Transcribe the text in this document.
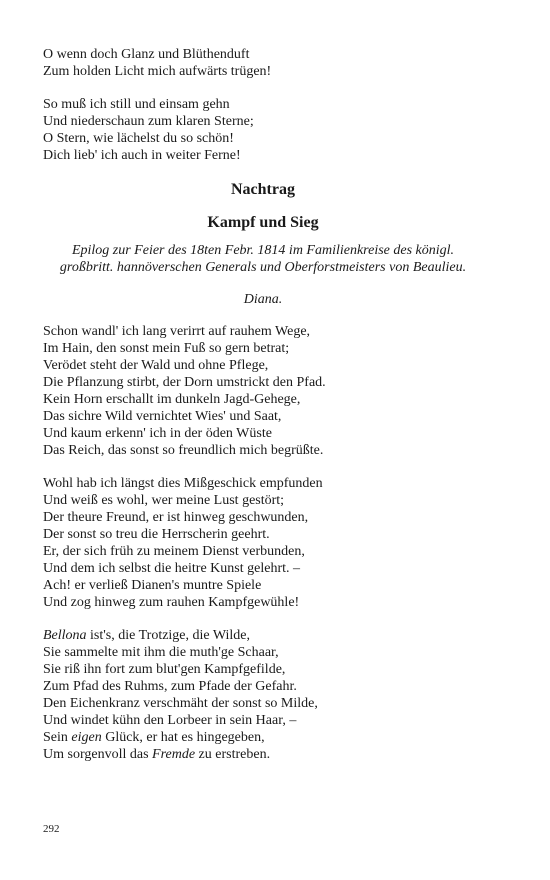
O wenn doch Glanz und Blüthenduft
Zum holden Licht mich aufwärts trügen!
So muß ich still und einsam gehn
Und niederschaun zum klaren Sterne;
O Stern, wie lächelst du so schön!
Dich lieb' ich auch in weiter Ferne!
Nachtrag
Kampf und Sieg
Epilog zur Feier des 18ten Febr. 1814 im Familienkreise des königl.
großbritt. hannöverschen Generals und Oberforstmeisters von Beaulieu.
Diana.
Schon wandl' ich lang verirrt auf rauhem Wege,
Im Hain, den sonst mein Fuß so gern betrat;
Verödet steht der Wald und ohne Pflege,
Die Pflanzung stirbt, der Dorn umstrickt den Pfad.
Kein Horn erschallt im dunkeln Jagd-Gehege,
Das sichre Wild vernichtet Wies' und Saat,
Und kaum erkenn' ich in der öden Wüste
Das Reich, das sonst so freundlich mich begrüßte.
Wohl hab ich längst dies Mißgeschick empfunden
Und weiß es wohl, wer meine Lust gestört;
Der theure Freund, er ist hinweg geschwunden,
Der sonst so treu die Herrscherin geehrt.
Er, der sich früh zu meinem Dienst verbunden,
Und dem ich selbst die heitre Kunst gelehrt. –
Ach! er verließ Dianen's muntre Spiele
Und zog hinweg zum rauhen Kampfgewühle!
Bellona ist's, die Trotzige, die Wilde,
Sie sammelte mit ihm die muth'ge Schaar,
Sie riß ihn fort zum blut'gen Kampfgefilde,
Zum Pfad des Ruhms, zum Pfade der Gefahr.
Den Eichenkranz verschmäht der sonst so Milde,
Und windet kühn den Lorbeer in sein Haar, –
Sein eigen Glück, er hat es hingegeben,
Um sorgenvoll das Fremde zu erstreben.
292
